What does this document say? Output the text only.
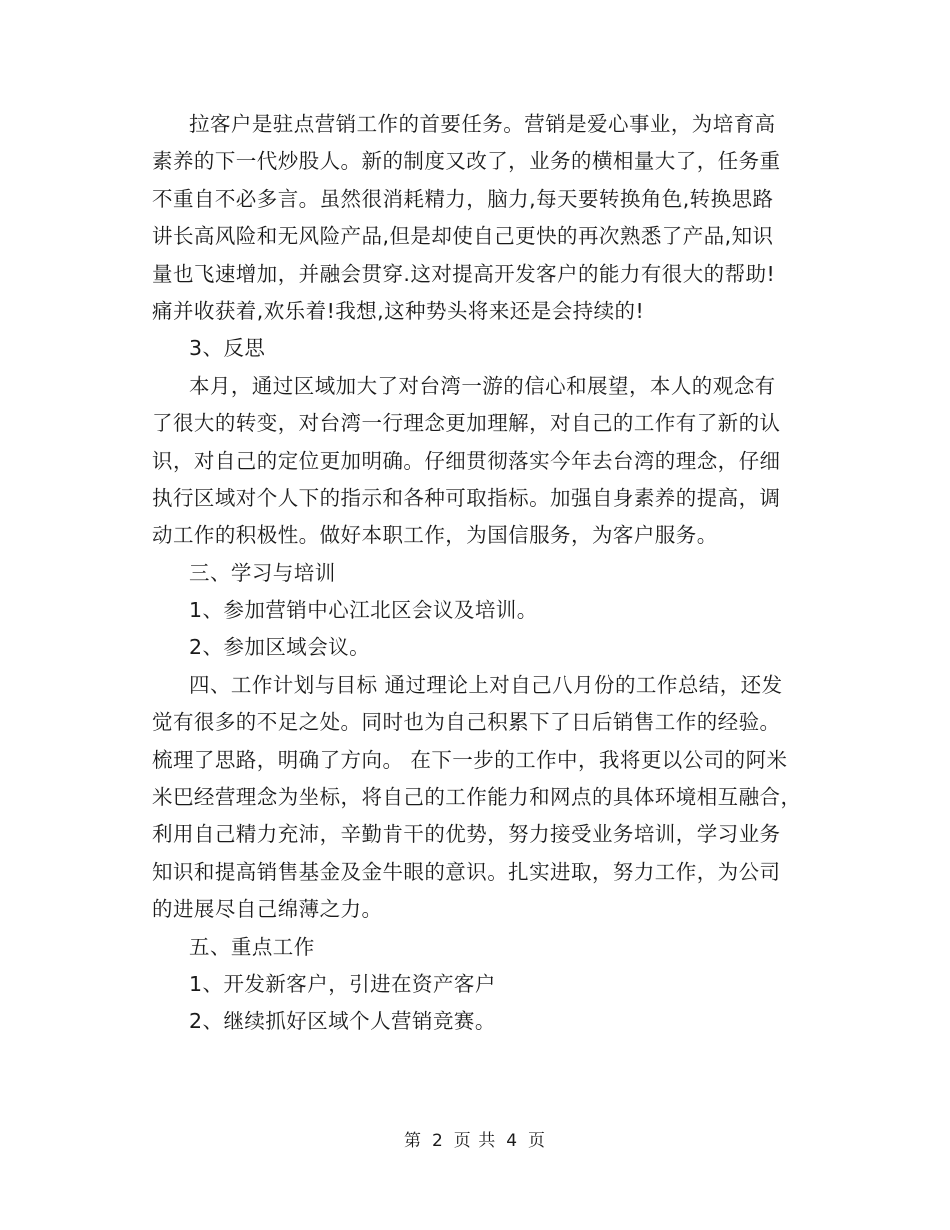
拉客户是驻点营销工作的首要任务。营销是爱心事业，为培育高
素养的下一代炒股人。新的制度又改了，业务的横相量大了，任务重
不重自不必多言。虽然很消耗精力，脑力,每天要转换角色,转换思路
讲长高风险和无风险产品,但是却使自己更快的再次熟悉了产品,知识
量也飞速增加，并融会贯穿.这对提高开发客户的能力有很大的帮助!
痛并收获着,欢乐着!我想,这种势头将来还是会持续的!
3、反思
本月，通过区域加大了对台湾一游的信心和展望，本人的观念有
了很大的转变，对台湾一行理念更加理解，对自己的工作有了新的认
识，对自己的定位更加明确。仔细贯彻落实今年去台湾的理念，仔细
执行区域对个人下的指示和各种可取指标。加强自身素养的提高，调
动工作的积极性。做好本职工作，为国信服务，为客户服务。
三、学习与培训
1、参加营销中心江北区会议及培训。
2、参加区域会议。
四、工作计划与目标 通过理论上对自己八月份的工作总结，还发
觉有很多的不足之处。同时也为自己积累下了日后销售工作的经验。
梳理了思路，明确了方向。 在下一步的工作中，我将更以公司的阿米
米巴经营理念为坐标，将自己的工作能力和网点的具体环境相互融合，
利用自己精力充沛，辛勤肯干的优势，努力接受业务培训，学习业务
知识和提高销售基金及金牛眼的意识。扎实进取，努力工作，为公司
的进展尽自己绵薄之力。
五、重点工作
1、开发新客户，引进在资产客户
2、继续抓好区域个人营销竞赛。
第 2 页 共 4 页
